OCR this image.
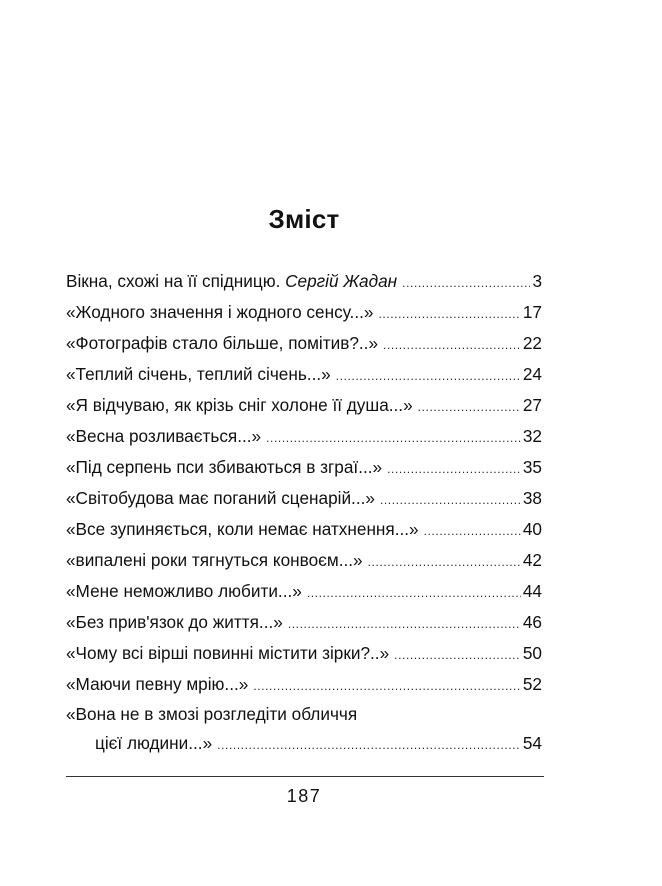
Зміст
Вікна, схожі на її спідницю. Сергій Жадан .....	3
«Жодного значення і жодного сенсу...» .....	17
«Фотографів стало більше, помітив?..» .....	22
«Теплий січень, теплий січень...» .....	24
«Я відчуваю, як крізь сніг холоне її душа...» .....	27
«Весна розливається...» .....	32
«Під серпень пси збиваються в зграї...» .....	35
«Світобудова має поганий сценарій...» .....	38
«Все зупиняється, коли немає натхнення...» .....	40
«випалені роки тягнуться конвоєм...» .....	42
«Мене неможливо любити...» .....	44
«Без прив'язок до життя...» .....	46
«Чому всі вірші повинні містити зірки?..» .....	50
«Маючи певну мрію...» .....	52
«Вона не в змозі розгледіти обличчя
цієї людини...» .....	54
187
